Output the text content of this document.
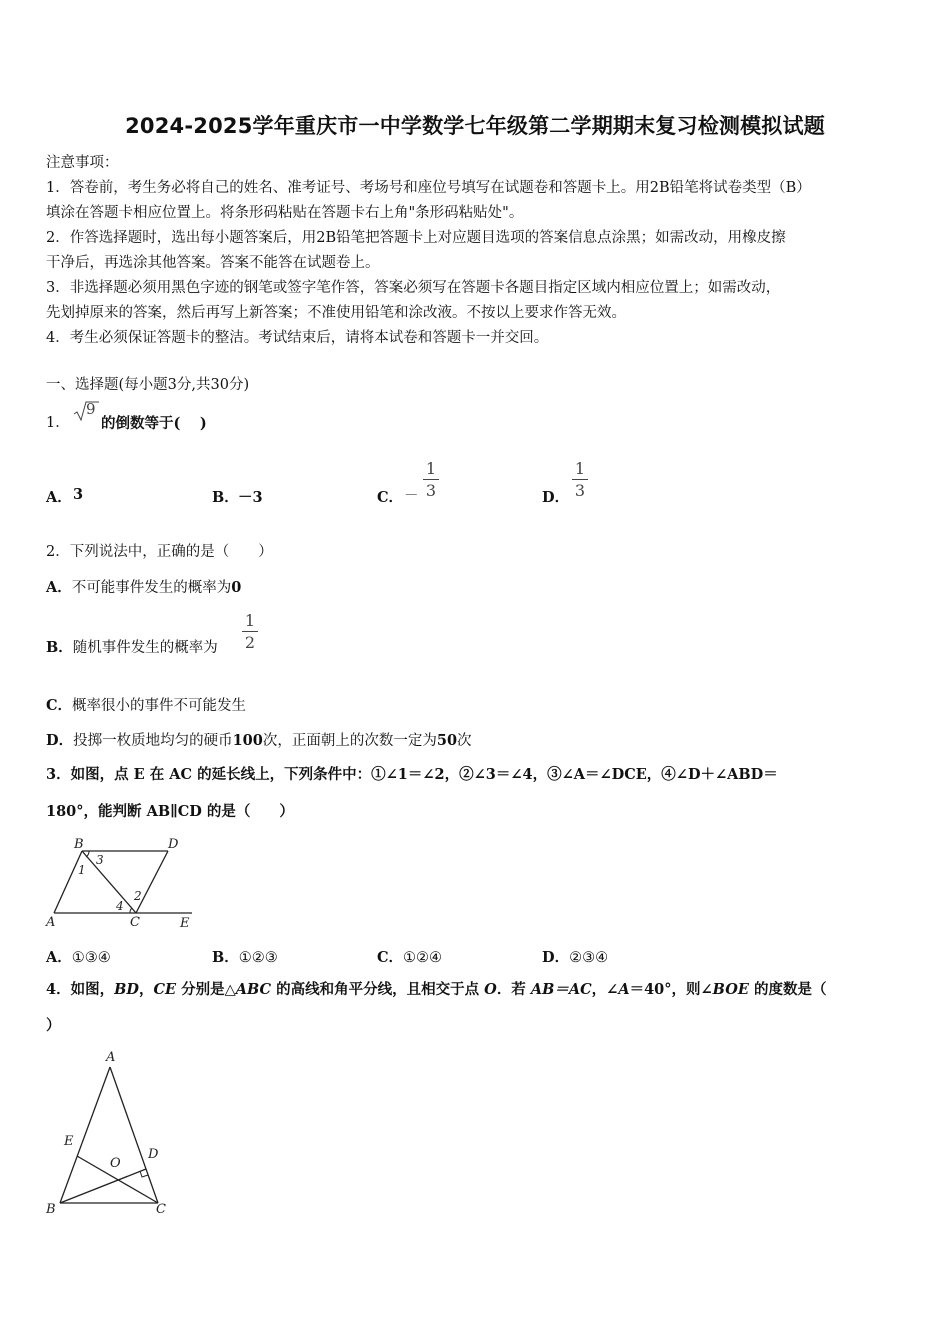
2024-2025学年重庆市一中学数学七年级第二学期期末复习检测模拟试题
注意事项：
1．答卷前，考生务必将自己的姓名、准考证号、考场号和座位号填写在试题卷和答题卡上。用2B铅笔将试卷类型（B）
填涂在答题卡相应位置上。将条形码粘贴在答题卡右上角"条形码粘贴处"。
2．作答选择题时，选出每小题答案后，用2B铅笔把答题卡上对应题目选项的答案信息点涂黑；如需改动，用橡皮擦
干净后，再选涂其他答案。答案不能答在试题卷上。
3．非选择题必须用黑色字迹的钢笔或签字笔作答，答案必须写在答题卡各题目指定区域内相应位置上；如需改动，
先划掉原来的答案，然后再写上新答案；不准使用铅笔和涂改液。不按以上要求作答无效。
4．考生必须保证答题卡的整洁。考试结束后，请将本试卷和答题卡一并交回。
一、选择题(每小题3分,共30分)
1．
9
的倒数等于(　 )
A． 3	B． －3	C． －
1
3	D．
1
3
2．下列说法中，正确的是（　　）
A．不可能事件发生的概率为0
B．随机事件发生的概率为
1
2
C．概率很小的事件不可能发生
D．投掷一枚质地均匀的硬币100次，正面朝上的次数一定为50次
3．如图，点 E 在 AC 的延长线上，下列条件中：①∠1＝∠2，②∠3＝∠4，③∠A＝∠DCE，④∠D＋∠ABD＝
180°，能判断 AB∥CD 的是（　　）
B	D
3
1
2
4
A	C	E
A．①③④	B．①②③	C．①②④	D．②③④
4．如图，BD，CE 分别是△ABC 的高线和角平分线，且相交于点 O．若 AB＝AC，∠A＝40°，则∠BOE 的度数是（
）
A
E
O
D
B	C
